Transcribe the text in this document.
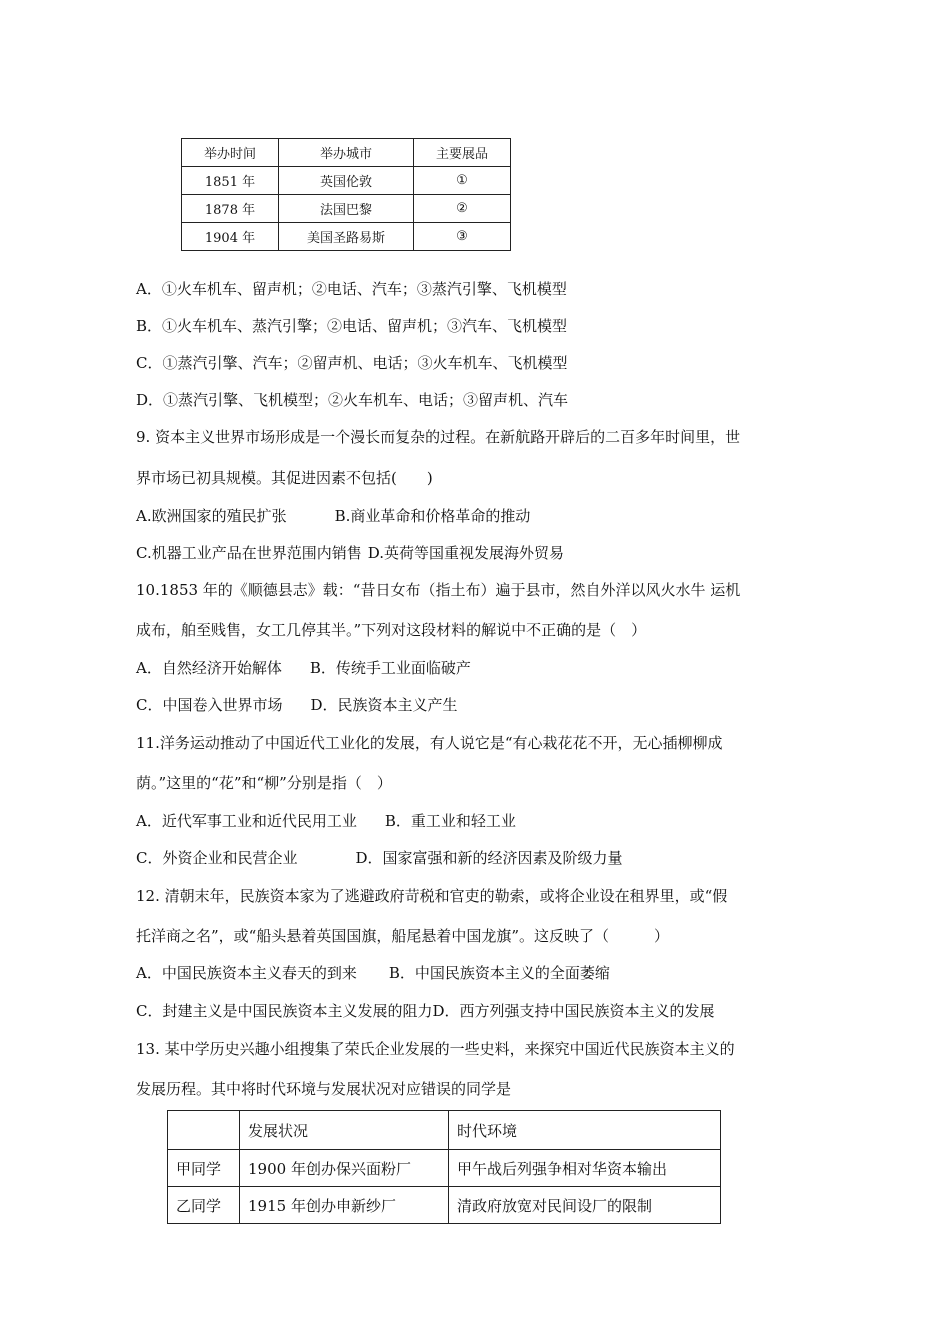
举办时间	举办城市	主要展品
1851 年	英国伦敦	①
1878 年	法国巴黎	②
1904 年	美国圣路易斯	③
A．①火车机车、留声机；②电话、汽车；③蒸汽引擎、飞机模型
B．①火车机车、蒸汽引擎；②电话、留声机；③汽车、飞机模型
C．①蒸汽引擎、汽车；②留声机、电话；③火车机车、飞机模型
D．①蒸汽引擎、飞机模型；②火车机车、电话；③留声机、汽车
9. 资本主义世界市场形成是一个漫长而复杂的过程。在新航路开辟后的二百多年时间里，世
界市场已初具规模。其促进因素不包括(　　)
A.欧洲国家的殖民扩张	B.商业革命和价格革命的推动
C.机器工业产品在世界范围内销售 D.英荷等国重视发展海外贸易
10.1853 年的《顺德县志》载：“昔日女布（指土布）遍于县市，然自外洋以风火水牛 运机
成布，舶至贱售，女工几停其半。”下列对这段材料的解说中不正确的是（　）
A．自然经济开始解体 B．传统手工业面临破产
C．中国卷入世界市场 D．民族资本主义产生
11.洋务运动推动了中国近代工业化的发展，有人说它是“有心栽花花不开，无心插柳柳成
荫。”这里的“花”和“柳”分别是指（　）
A．近代军事工业和近代民用工业 B．重工业和轻工业
C．外资企业和民营企业	D．国家富强和新的经济因素及阶级力量
12. 清朝末年，民族资本家为了逃避政府苛税和官吏的勒索，或将企业设在租界里，或“假
托洋商之名”，或“船头悬着英国国旗，船尾悬着中国龙旗”。这反映了（　　　）
A．中国民族资本主义春天的到来 B．中国民族资本主义的全面萎缩
C．封建主义是中国民族资本主义发展的阻力D．西方列强支持中国民族资本主义的发展
13. 某中学历史兴趣小组搜集了荣氏企业发展的一些史料，来探究中国近代民族资本主义的
发展历程。其中将时代环境与发展状况对应错误的同学是
	发展状况	时代环境
甲同学	1900 年创办保兴面粉厂	甲午战后列强争相对华资本输出
乙同学	1915 年创办申新纱厂	清政府放宽对民间设厂的限制
